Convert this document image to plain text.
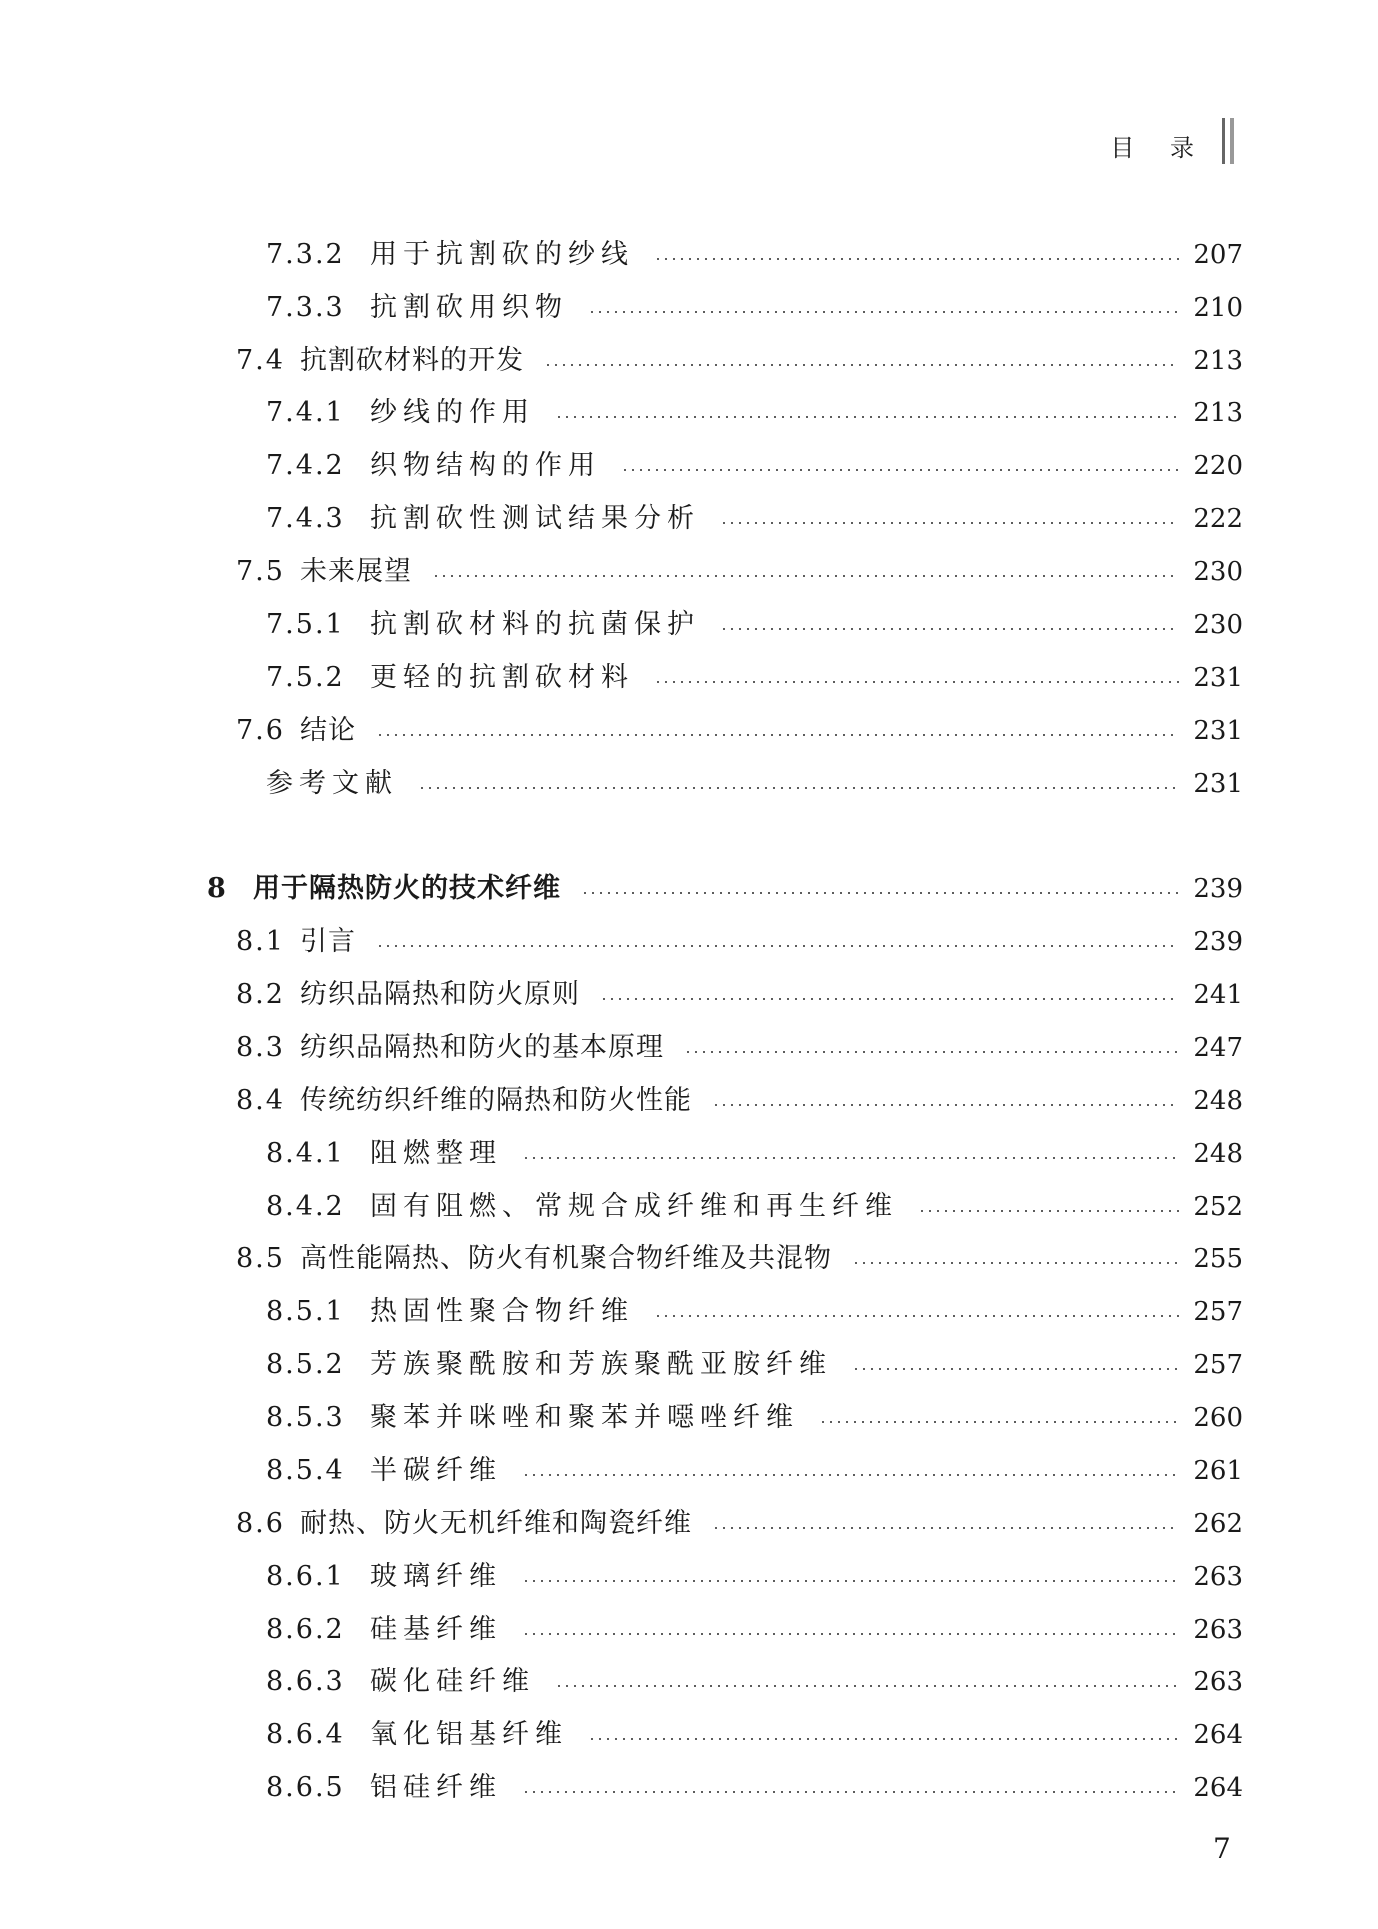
目 录
7.3.2 用于抗割砍的纱线	207
7.3.3 抗割砍用织物	210
7.4 抗割砍材料的开发	213
7.4.1 纱线的作用	213
7.4.2 织物结构的作用	220
7.4.3 抗割砍性测试结果分析	222
7.5 未来展望	230
7.5.1 抗割砍材料的抗菌保护	230
7.5.2 更轻的抗割砍材料	231
7.6 结论	231
参考文献	231
8	用于隔热防火的技术纤维	239
8.1 引言	239
8.2 纺织品隔热和防火原则	241
8.3 纺织品隔热和防火的基本原理	247
8.4 传统纺织纤维的隔热和防火性能	248
8.4.1 阻燃整理	248
8.4.2 固有阻燃、常规合成纤维和再生纤维	252
8.5 高性能隔热、防火有机聚合物纤维及共混物	255
8.5.1 热固性聚合物纤维	257
8.5.2 芳族聚酰胺和芳族聚酰亚胺纤维	257
8.5.3 聚苯并咪唑和聚苯并噁唑纤维	260
8.5.4 半碳纤维	261
8.6 耐热、防火无机纤维和陶瓷纤维	262
8.6.1 玻璃纤维	263
8.6.2 硅基纤维	263
8.6.3 碳化硅纤维	263
8.6.4 氧化铝基纤维	264
8.6.5 铝硅纤维	264
7
